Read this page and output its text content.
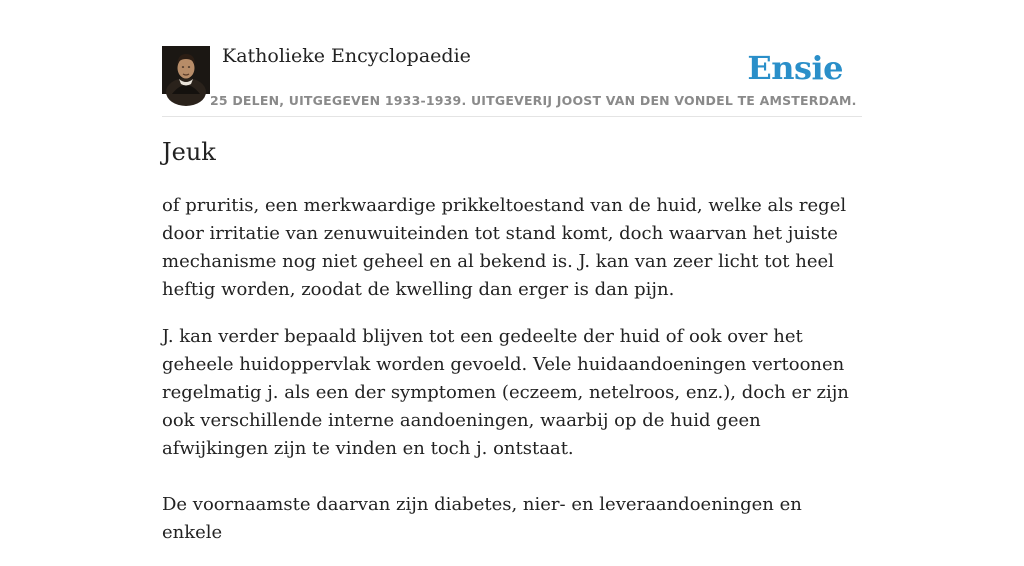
Katholieke Encyclopaedie
25 DELEN, UITGEGEVEN 1933-1939. UITGEVERIJ JOOST VAN DEN VONDEL TE AMSTERDAM.
Ensie
Jeuk

of pruritis, een merkwaardige prikkeltoestand van de huid, welke als regel door irritatie van zenuwuiteinden tot stand komt, doch waarvan het juiste mechanisme nog niet geheel en al bekend is. J. kan van zeer licht tot heel heftig worden, zoodat de kwelling dan erger is dan pijn.

J. kan verder bepaald blijven tot een gedeelte der huid of ook over het geheele huidoppervlak worden gevoeld. Vele huidaandoeningen vertoonen regelmatig j. als een der symptomen (eczeem, netelroos, enz.), doch er zijn ook verschillende interne aandoeningen, waarbij op de huid geen afwijkingen zijn te vinden en toch j. ontstaat.

De voornaamste daarvan zijn diabetes, nier- en leveraandoeningen en enkele
